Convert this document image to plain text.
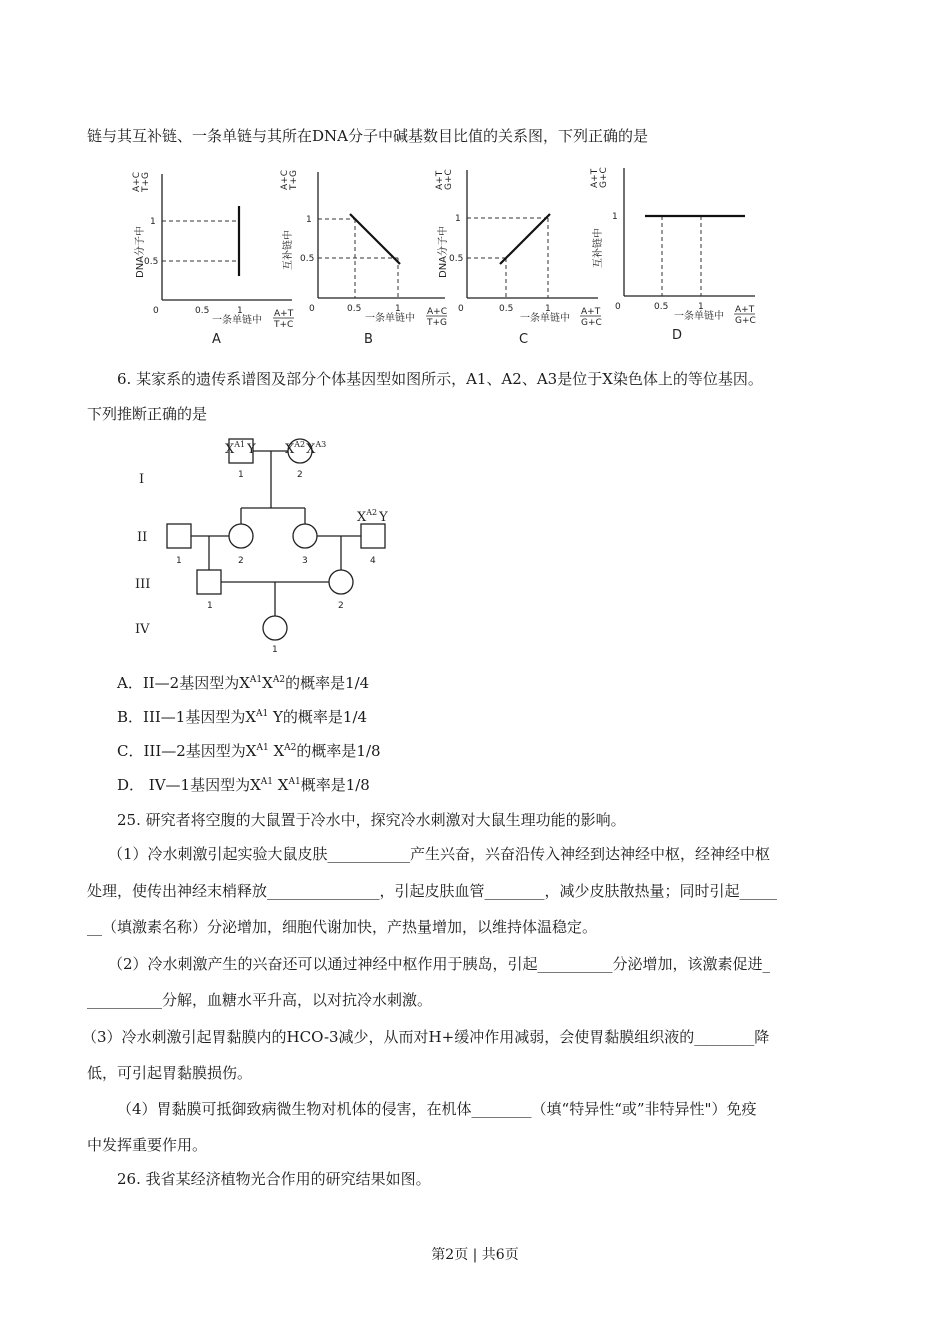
链与其互补链、一条单链与其所在DNA分子中碱基数目比值的关系图，下列正确的是
DNA分子中
A+C T+G
1
0.5
0	0.5	1
一条单链中
A+T
T+C
A
互补链中
A+C T+G
1
0.5
0	0.5	1
一条单链中
A+C
T+G
B
DNA分子中
A+T G+C
1
0.5
0	0.5	1
一条单链中
A+T
G+C
C
互补链中
A+T G+C
1
0	0.5	1
一条单链中
A+T
G+C
D
6. 某家系的遗传系谱图及部分个体基因型如图所示，A1、A2、A3是位于X染色体上的等位基因。
下列推断正确的是
I
II
III
IV
1	2
1	2	3	4
1	2
1
$X^{A1}$ Y $X^{A2}X^{A3}$
$X^{A2}$ Y
A．II—2基因型为$X^{A1}X^{A2}$的概率是1/4
B．III—1基因型为$X^{A1}$ Y的概率是1/4
C．III—2基因型为$X^{A1}$ $X^{A2}$的概率是1/8
D． IV—1基因型为$X^{A1}$ $X^{A1}$概率是1/8
25. 研究者将空腹的大鼠置于冷水中，探究冷水刺激对大鼠生理功能的影响。
（1）冷水刺激引起实验大鼠皮肤___________产生兴奋，兴奋沿传入神经到达神经中枢，经神经中枢
处理，使传出神经末梢释放_______________，引起皮肤血管________，减少皮肤散热量；同时引起_____
__（填激素名称）分泌增加，细胞代谢加快，产热量增加，以维持体温稳定。
（2）冷水刺激产生的兴奋还可以通过神经中枢作用于胰岛，引起__________分泌增加，该激素促进_
__________分解，血糖水平升高，以对抗冷水刺激。
（3）冷水刺激引起胃黏膜内的HCO-3减少，从而对H+缓冲作用减弱，会使胃黏膜组织液的________降
低，可引起胃黏膜损伤。
（4）胃黏膜可抵御致病微生物对机体的侵害，在机体________（填“特异性“或”非特异性"）免疫
中发挥重要作用。
26. 我省某经济植物光合作用的研究结果如图。
第2页 | 共6页
